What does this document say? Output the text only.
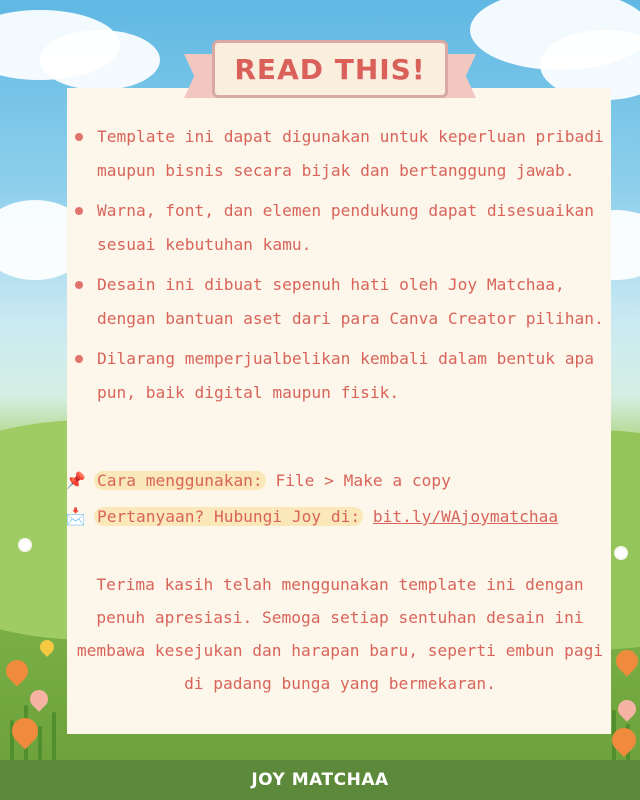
〰	〰
〰
READ THIS!
Template ini dapat digunakan untuk keperluan pribadi maupun bisnis secara bijak dan bertanggung jawab.
Warna, font, dan elemen pendukung dapat disesuaikan sesuai kebutuhan kamu.
Desain ini dibuat sepenuh hati oleh Joy Matchaa, dengan bantuan aset dari para Canva Creator pilihan.
Dilarang memperjualbelikan kembali dalam bentuk apa pun, baik digital maupun fisik.
📌 Cara menggunakan: File > Make a copy
📩 Pertanyaan? Hubungi Joy di: bit.ly/WAjoymatchaa
Terima kasih telah menggunakan template ini dengan penuh apresiasi. Semoga setiap sentuhan desain ini membawa kesejukan dan harapan baru, seperti embun pagi di padang bunga yang bermekaran.
JOY MATCHAA
